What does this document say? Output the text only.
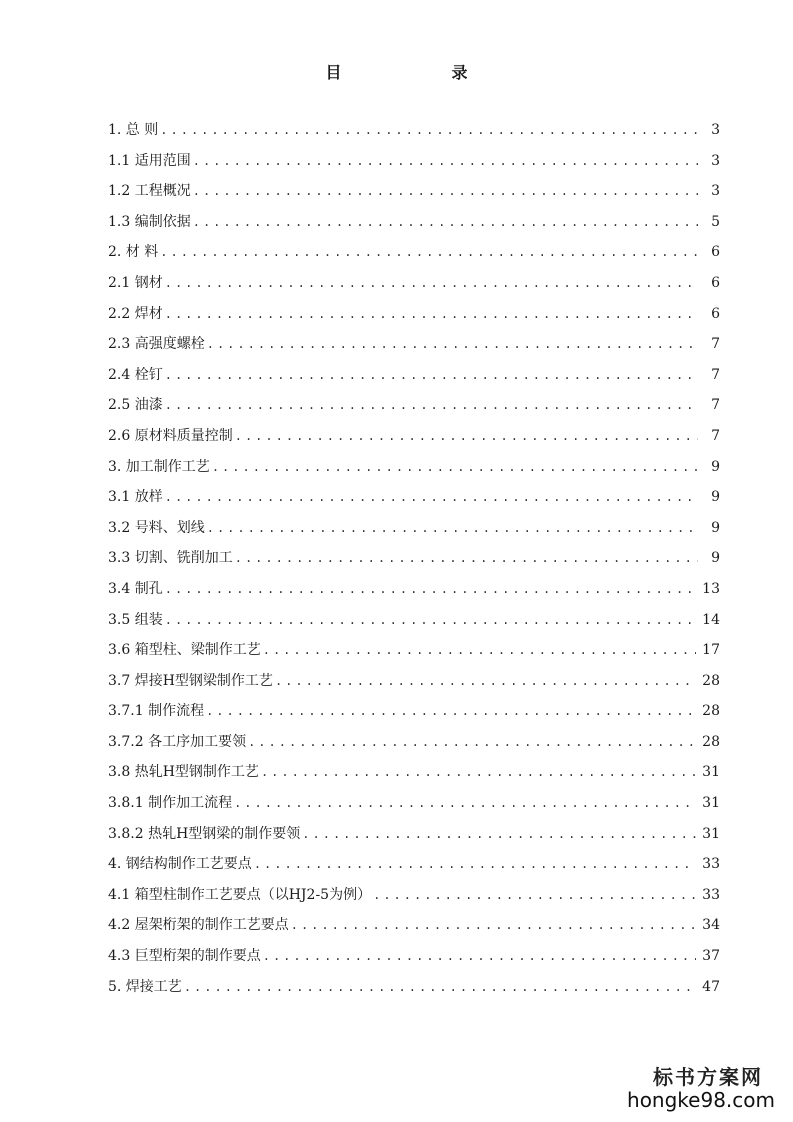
目　　录
1. 总 则 .....	3
1.1 适用范围 .....	3
1.2 工程概况 .....	3
1.3 编制依据 .....	5
2. 材 料 .....	6
2.1 钢材 .....	6
2.2 焊材 .....	6
2.3 高强度螺栓 .....	7
2.4 栓钉 .....	7
2.5 油漆 .....	7
2.6 原材料质量控制 .....	7
3. 加工制作工艺 .....	9
3.1 放样 .....	9
3.2 号料、划线 .....	9
3.3 切割、铣削加工 .....	9
3.4 制孔 .....	13
3.5 组装 .....	14
3.6 箱型柱、梁制作工艺 .....	17
3.7 焊接H型钢梁制作工艺 .....	28
3.7.1 制作流程 .....	28
3.7.2 各工序加工要领 .....	28
3.8 热轧H型钢制作工艺 .....	31
3.8.1 制作加工流程 .....	31
3.8.2 热轧H型钢梁的制作要领 .....	31
4. 钢结构制作工艺要点 .....	33
4.1 箱型柱制作工艺要点（以HJ2-5为例） .....	33
4.2 屋架桁架的制作工艺要点 .....	34
4.3 巨型桁架的制作要点 .....	37
5. 焊接工艺 .....	47
标书方案网
hongke98.com
